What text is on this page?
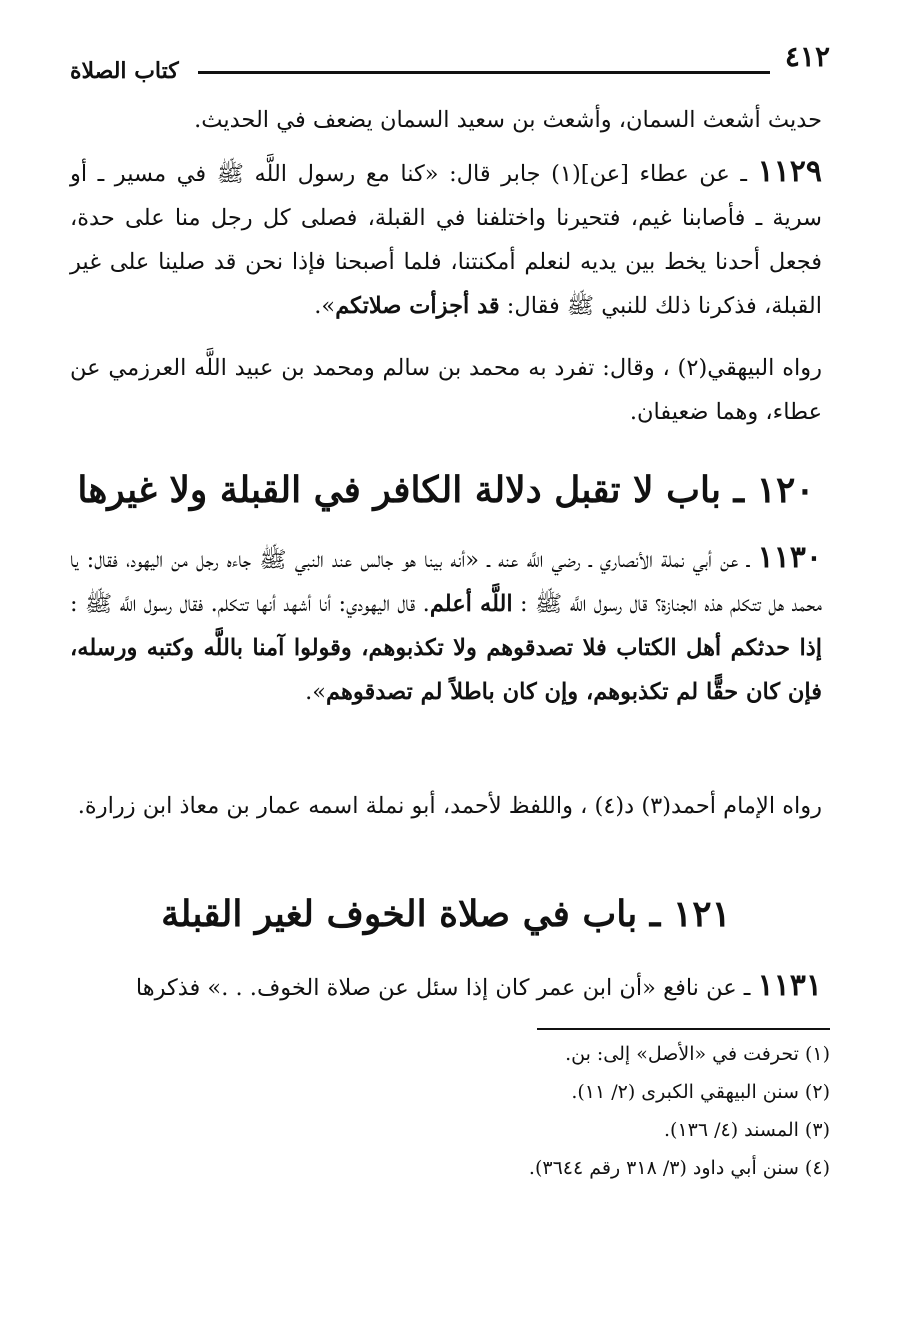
٤١٢
كتاب الصلاة

حديث أشعث السمان، وأشعث بن سعيد السمان يضعف في الحديث.

١١٢٩ ـ عن عطاء [عن](١) جابر قال: «كنا مع رسول اللَّه ﷺ في مسير ـ أو سرية ـ فأصابنا غيم، فتحيرنا واختلفنا في القبلة، فصلى كل رجل منا على حدة، فجعل أحدنا يخط بين يديه لنعلم أمكنتنا، فلما أصبحنا فإذا نحن قد صلينا على غير القبلة، فذكرنا ذلك للنبي ﷺ فقال: قد أجزأت صلاتكم».

رواه البيهقي(٢) ، وقال: تفرد به محمد بن سالم ومحمد بن عبيد اللَّه العرزمي عن عطاء، وهما ضعيفان.

١٢٠ ـ باب لا تقبل دلالة الكافر في القبلة ولا غيرها

١١٣٠ ـ عن أبي نملة الأنصاري ـ رضي اللَّه عنه ـ «أنه بينا هو جالس عند النبي ﷺ جاءه رجل من اليهود، فقال: يا محمد هل تتكلم هذه الجنازة؟ قال رسول اللَّه ﷺ : اللَّه أعلم. قال اليهودي: أنا أشهد أنها تتكلم. فقال رسول اللَّه ﷺ : إذا حدثكم أهل الكتاب فلا تصدقوهم ولا تكذبوهم، وقولوا آمنا باللَّه وكتبه ورسله، فإن كان حقًّا لم تكذبوهم، وإن كان باطلاً لم تصدقوهم».

رواه الإمام أحمد(٣) د(٤) ، واللفظ لأحمد، أبو نملة اسمه عمار بن معاذ ابن زرارة.

١٢١ ـ باب في صلاة الخوف لغير القبلة

١١٣١ ـ عن نافع «أن ابن عمر كان إذا سئل عن صلاة الخوف. . .» فذكرها

(١) تحرفت في «الأصل» إلى: بن.
(٢) سنن البيهقي الكبرى (٢/ ١١).
(٣) المسند (٤/ ١٣٦).
(٤) سنن أبي داود (٣/ ٣١٨ رقم ٣٦٤٤).
